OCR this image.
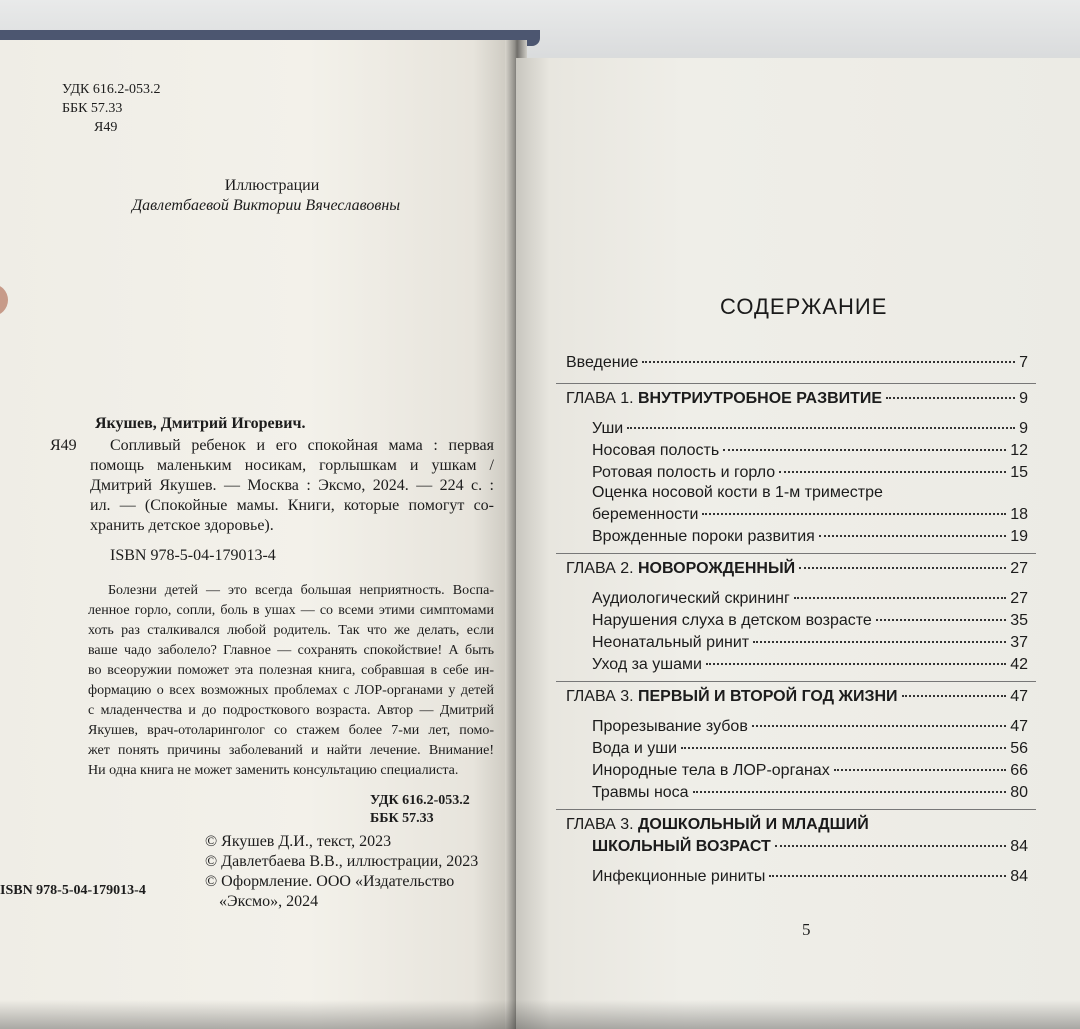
УДК 616.2-053.2
ББК 57.33
Я49
Иллюстрации
Давлетбаевой Виктории Вячеславовны
Якушев, Дмитрий Игоревич.
Я49 Сопливый ребенок и его спокойная мама : первая
помощь маленьким носикам, горлышкам и ушкам /
Дмитрий Якушев. — Москва : Эксмо, 2024. — 224 с. :
ил. — (Спокойные мамы. Книги, которые помогут со-
хранить детское здоровье).
ISBN 978-5-04-179013-4
Болезни детей — это всегда большая неприятность. Воспа-
ленное горло, сопли, боль в ушах — со всеми этими симптомами
хоть раз сталкивался любой родитель. Так что же делать, если
ваше чадо заболело? Главное — сохранять спокойствие! А быть
во всеоружии поможет эта полезная книга, собравшая в себе ин-
формацию о всех возможных проблемах с ЛОР-органами у детей
с младенчества и до подросткового возраста. Автор — Дмитрий
Якушев, врач-отоларинголог со стажем более 7-ми лет, помо-
жет понять причины заболеваний и найти лечение. Внимание!
Ни одна книга не может заменить консультацию специалиста.
УДК 616.2-053.2
ББК 57.33
© Якушев Д.И., текст, 2023
© Давлетбаева В.В., иллюстрации, 2023
© Оформление. ООО «Издательство
«Эксмо», 2024
ISBN 978-5-04-179013-4
СОДЕРЖАНИЕ
Введение	7
ГЛАВА 1. ВНУТРИУТРОБНОЕ РАЗВИТИЕ	9
Уши	9
Носовая полость	12
Ротовая полость и горло	15
Оценка носовой кости в 1-м триместре
беременности	18
Врожденные пороки развития	19
ГЛАВА 2. НОВОРОЖДЕННЫЙ	27
Аудиологический скрининг	27
Нарушения слуха в детском возрасте	35
Неонатальный ринит	37
Уход за ушами	42
ГЛАВА 3. ПЕРВЫЙ И ВТОРОЙ ГОД ЖИЗНИ	47
Прорезывание зубов	47
Вода и уши	56
Инородные тела в ЛОР-органах	66
Травмы носа	80
ГЛАВА 3. ДОШКОЛЬНЫЙ И МЛАДШИЙ
ШКОЛЬНЫЙ ВОЗРАСТ	84
Инфекционные риниты	84
5
